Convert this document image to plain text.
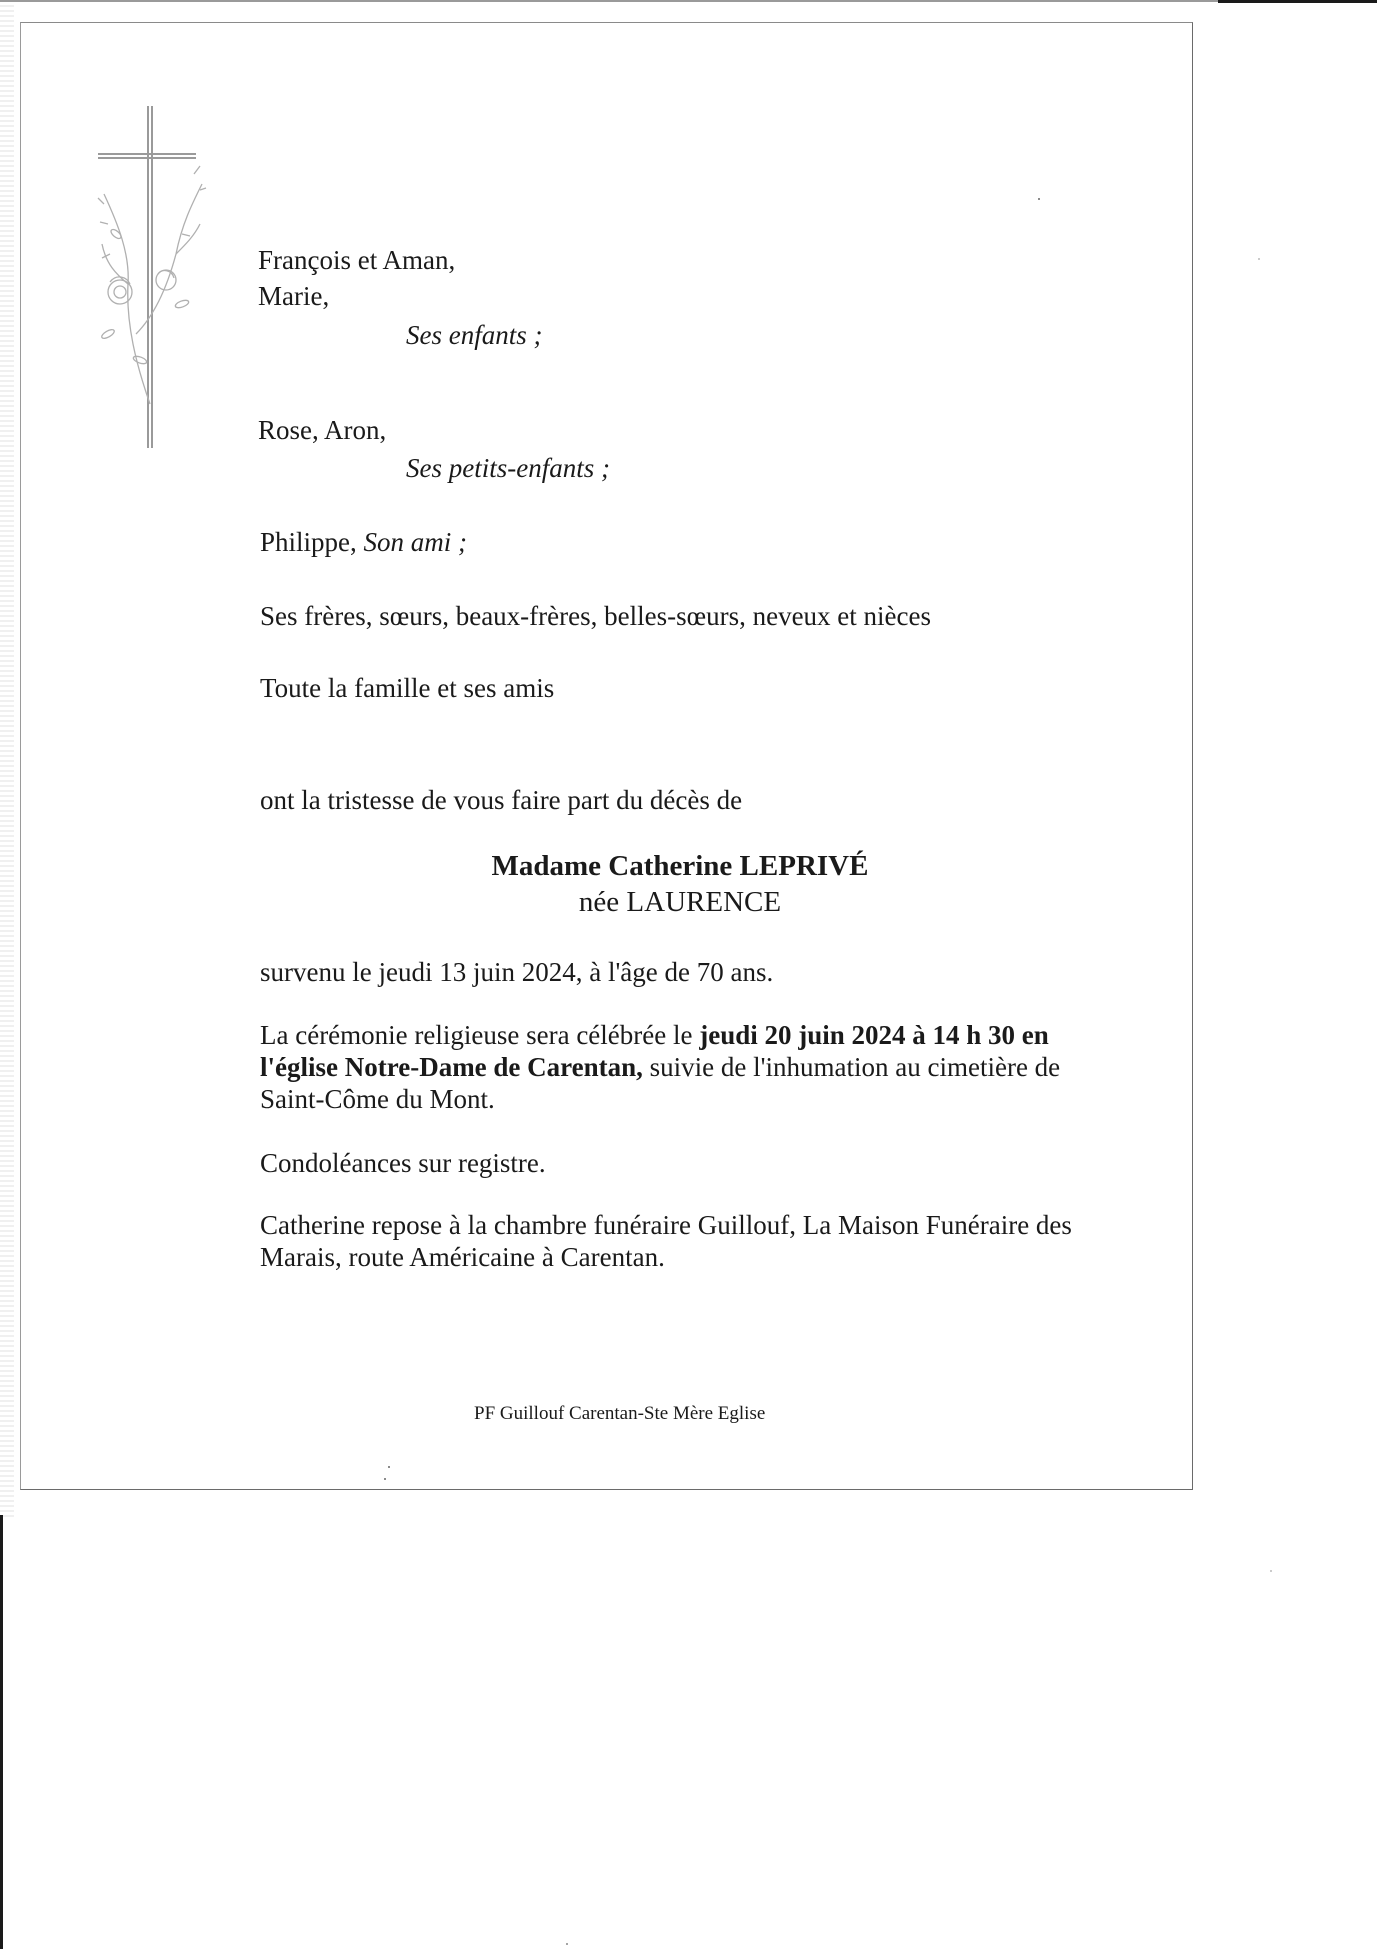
François et Aman,
Marie,
Ses enfants ;
Rose, Aron,
Ses petits-enfants ;
Philippe, Son ami ;
Ses frères, sœurs, beaux-frères, belles-sœurs, neveux et nièces
Toute la famille et ses amis
ont la tristesse de vous faire part du décès de
Madame Catherine LEPRIVÉ
née LAURENCE
survenu le jeudi 13 juin 2024, à l'âge de 70 ans.
La cérémonie religieuse sera célébrée le jeudi 20 juin 2024 à 14 h 30 en
l'église Notre-Dame de Carentan, suivie de l'inhumation au cimetière de
Saint-Côme du Mont.
Condoléances sur registre.
Catherine repose à la chambre funéraire Guillouf, La Maison Funéraire des
Marais, route Américaine à Carentan.
PF Guillouf Carentan-Ste Mère Eglise
